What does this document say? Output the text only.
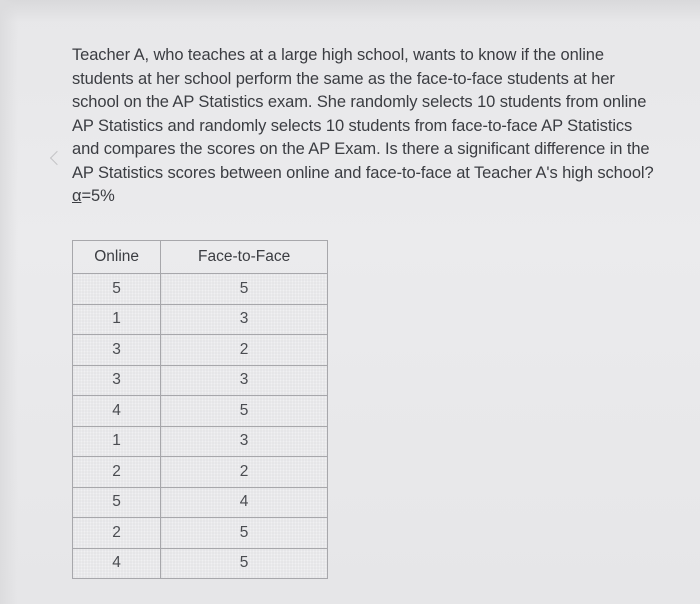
Teacher A, who teaches at a large high school, wants to know if the online students at her school perform the same as the face-to-face students at her school on the AP Statistics exam. She randomly selects 10 students from online AP Statistics and randomly selects 10 students from face-to-face AP Statistics and compares the scores on the AP Exam. Is there a significant difference in the AP Statistics scores between online and face-to-face at Teacher A's high school? α=5%

Online	Face-to-Face
5	5
1	3
3	2
3	3
4	5
1	3
2	2
5	4
2	5
4	5
